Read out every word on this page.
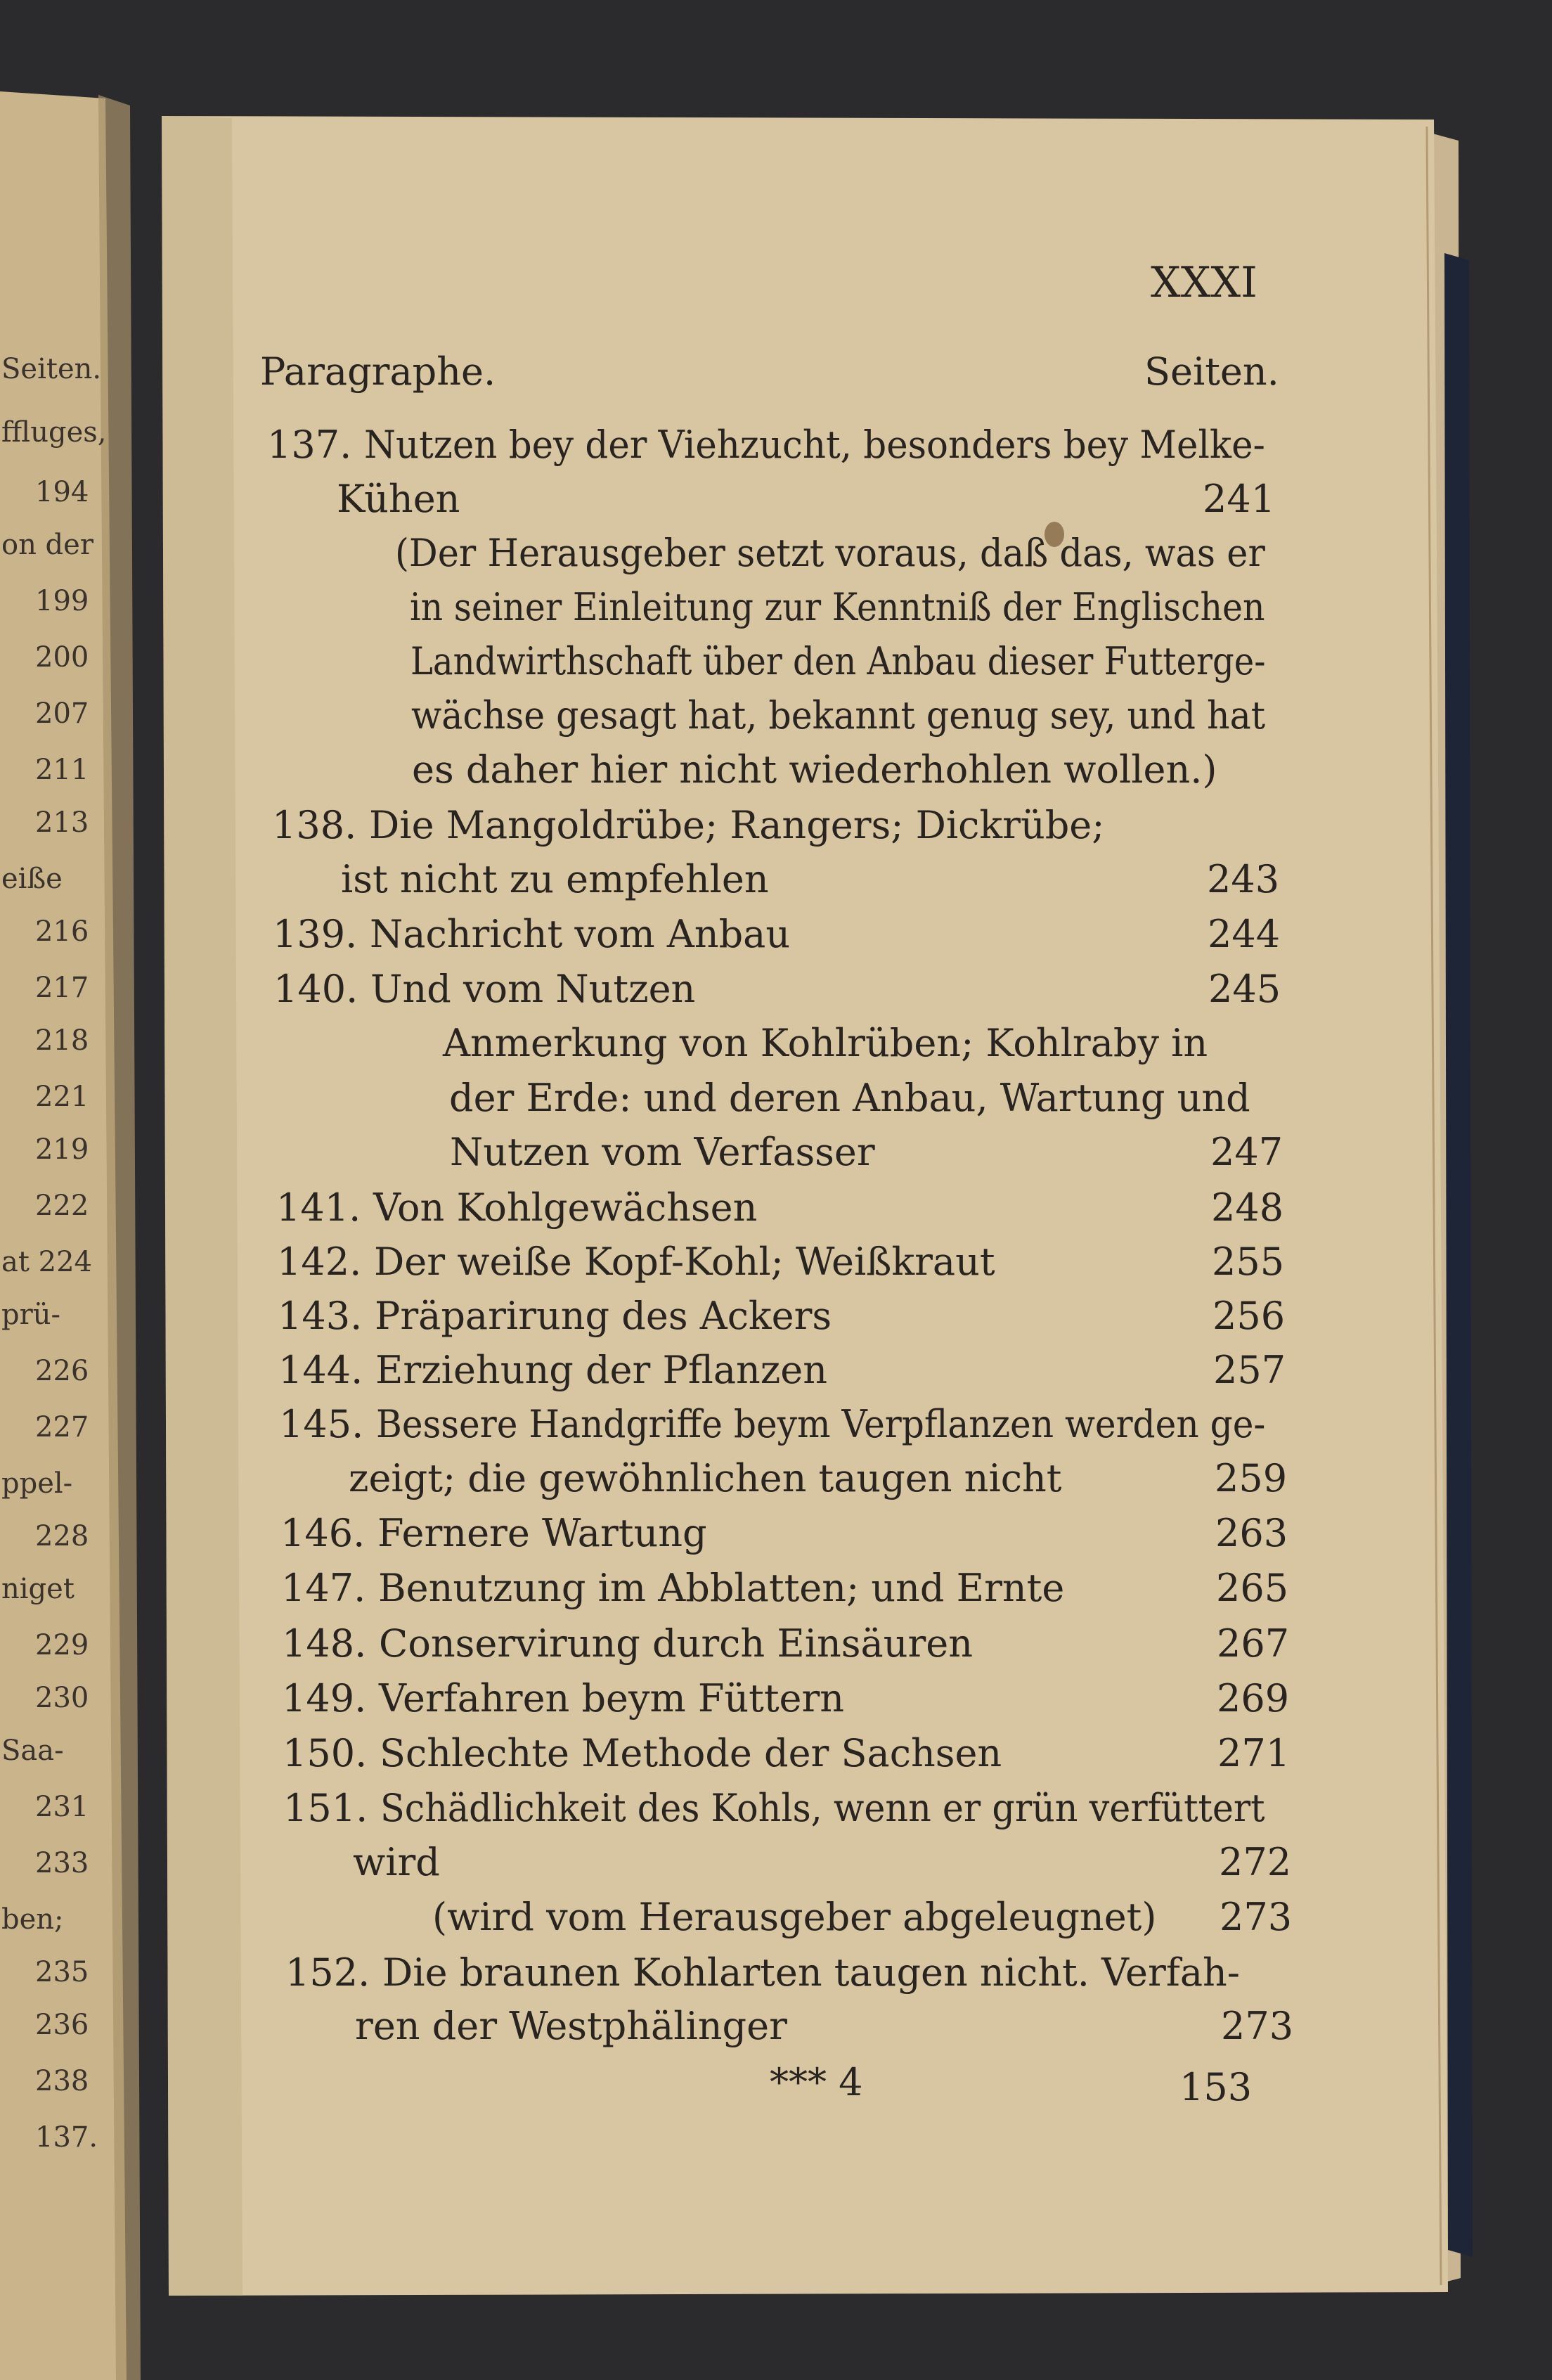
XXXI
Paragraphe.	Seiten.
137. Nutzen bey der Viehzucht, besonders bey Melke-
Kühen	241
(Der Herausgeber setzt voraus, daß das, was er
in seiner Einleitung zur Kenntniß der Englischen
Landwirthschaft über den Anbau dieser Futterge-
wächse gesagt hat, bekannt genug sey, und hat
es daher hier nicht wiederhohlen wollen.)
138. Die Mangoldrübe; Rangers; Dickrübe;
ist nicht zu empfehlen	243
139. Nachricht vom Anbau	244
140. Und vom Nutzen	245
Anmerkung von Kohlrüben; Kohlraby in
der Erde: und deren Anbau, Wartung und
Nutzen vom Verfasser	247
141. Von Kohlgewächsen	248
142. Der weiße Kopf-Kohl; Weißkraut	255
143. Präparirung des Ackers	256
144. Erziehung der Pflanzen	257
145. Bessere Handgriffe beym Verpflanzen werden ge-
zeigt; die gewöhnlichen taugen nicht	259
146. Fernere Wartung	263
147. Benutzung im Abblatten; und Ernte	265
148. Conservirung durch Einsäuren	267
149. Verfahren beym Füttern	269
150. Schlechte Methode der Sachsen	271
151. Schädlichkeit des Kohls, wenn er grün verfüttert
wird	272
(wird vom Herausgeber abgeleugnet) 273
152. Die braunen Kohlarten taugen nicht. Verfah-
ren der Westphälinger	273
*** 4	153
Seiten.
ffluges,
194
on der
199
200
207
211
213
eiße
216
217
218
221
219
222
at 224
prü-
226
227
ppel-
228
niget
229
230
Saa-
231
233
ben;
235
236
238
137.
